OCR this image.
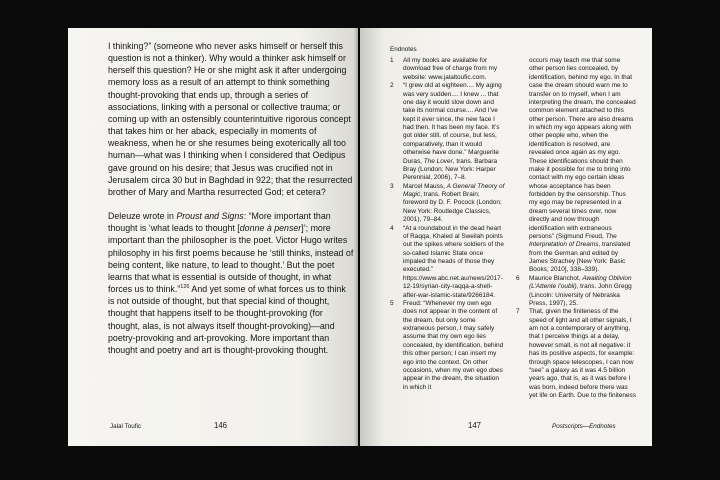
I thinking?” (someone who never asks himself or herself this question is not a thinker). Why would a thinker ask himself or herself this question? He or she might ask it after undergoing memory loss as a result of an attempt to think something thought-provoking that ends up, through a series of associations, linking with a personal or collective trauma; or coming up with an ostensibly counterintuitive rigorous concept that takes him or her aback, especially in moments of weakness, when he or she resumes being exoterically all too human—what was I thinking when I considered that Oedipus gave ground on his desire; that Jesus was crucified not in Jerusalem circa 30 but in Baghdad in 922; that the resurrected brother of Mary and Martha resurrected God; et cetera?

Deleuze wrote in Proust and Signs: “More important than thought is ‘what leads to thought [donne à penser]’; more important than the philosopher is the poet. Victor Hugo writes philosophy in his first poems because he ‘still thinks, instead of being content, like nature, to lead to thought.’ But the poet learns that what is essential is outside of thought, in what forces us to think.”$^{126}$ And yet some of what forces us to think is not outside of thought, but that special kind of thought, thought that happens itself to be thought-provoking (for thought, alas, is not always itself thought-provoking)—and poetry-provoking and art-provoking. More important than thought and poetry and art is thought-provoking thought.

Jalal Toufic	146
Endnotes
1	All my books are available for download free of charge from my website: www.jalaltoufic.com.
2	“I grew old at eighteen.... My aging was very sudden.... I knew ... that one day it would slow down and take its normal course.... And I’ve kept it ever since, the new face I had then. It has been my face. It’s got older still, of course, but less, comparatively, than it would otherwise have done.” Marguerite Duras, The Lover, trans. Barbara Bray (London; New York: Harper Perennial, 2006), 7–8.
3	Marcel Mauss, A General Theory of Magic, trans. Robert Brain; foreword by D. F. Pocock (London; New York: Routledge Classics, 2001), 79–84.
4	“At a roundabout in the dead heart of Raqqa, Khaled al Sweilah points out the spikes where soldiers of the so-called Islamic State once impaled the heads of those they executed.” https://www.abc.net.au/news/2017-12-19/syrian-city-raqqa-a-shell-after-war-islamic-state/9266184.
5	Freud: “Whenever my own ego does not appear in the content of the dream, but only some extraneous person, I may safely assume that my own ego lies concealed, by identification, behind this other person; I can insert my ego into the context. On other occasions, when my own ego does appear in the dream, the situation in which it
occurs may teach me that some other person lies concealed, by identification, behind my ego. In that case the dream should warn me to transfer on to myself, when I am interpreting the dream, the concealed common element attached to this other person. There are also dreams in which my ego appears along with other people who, when the identification is resolved, are revealed once again as my ego. These identifications should then make it possible for me to bring into contact with my ego certain ideas whose acceptance has been forbidden by the censorship. Thus my ego may be represented in a dream several times over, now directly and now through identification with extraneous persons” (Sigmund Freud, The Interpretation of Dreams, translated from the German and edited by James Strachey [New York: Basic Books, 2010], 338–339).
6	Maurice Blanchot, Awaiting Oblivion (L’Attente l’oubli), trans. John Gregg (Lincoln: University of Nebraska Press, 1997), 25.
7	That, given the finiteness of the speed of light and all other signals, I am not a contemporary of anything, that I perceive things at a delay, however small, is not all negative: it has its positive aspects, for example: through space telescopes, I can now “see” a galaxy as it was 4.5 billion years ago, that is, as it was before I was born, indeed before there was yet life on Earth. Due to the finiteness
147	Postscripts—Endnotes
